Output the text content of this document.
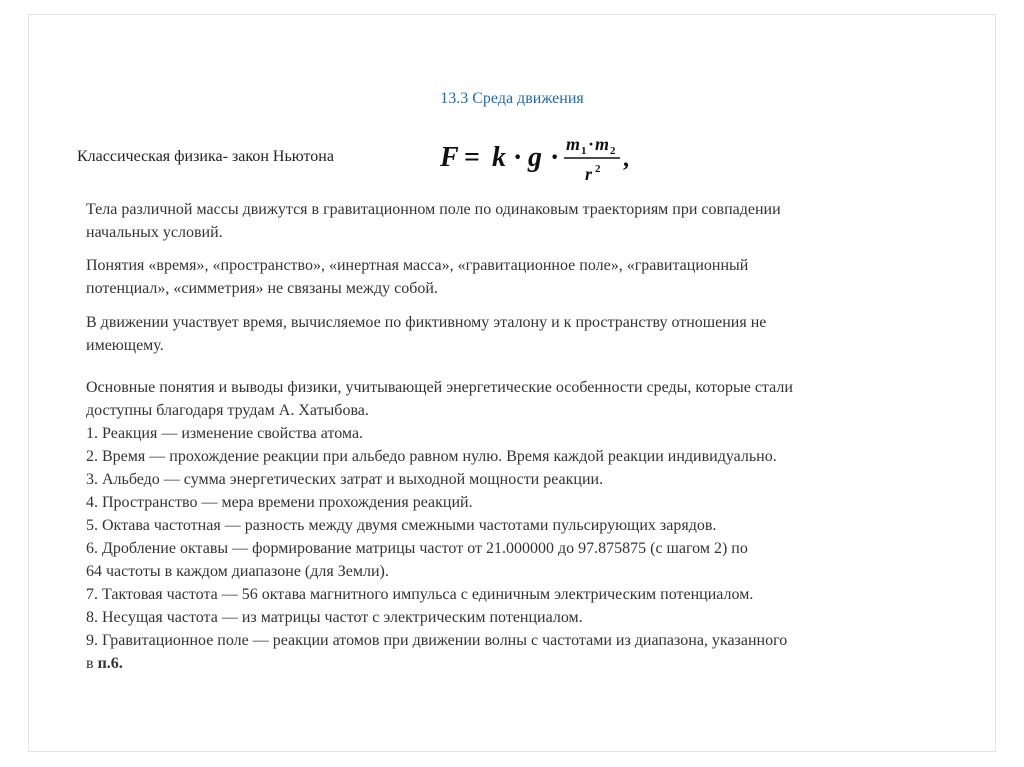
13.3 Среда движения
Классическая физика- закон Ньютона	F = k · g · m 1 · m 2
r 2 ,
Тела различной массы движутся в гравитационном поле по одинаковым траекториям при совпадении
начальных условий.
Понятия «время», «пространство», «инертная масса», «гравитационное поле», «гравитационный
потенциал», «симметрия» не связаны между собой.
В движении участвует время, вычисляемое по фиктивному эталону и к пространству отношения не
имеющему.
Основные понятия и выводы физики, учитывающей энергетические особенности среды, которые стали
доступны благодаря трудам А. Хатыбова.
1. Реакция — изменение свойства атома.
2. Время — прохождение реакции при альбедо равном нулю. Время каждой реакции индивидуально.
3. Альбедо — сумма энергетических затрат и выходной мощности реакции.
4. Пространство — мера времени прохождения реакций.
5. Октава частотная — разность между двумя смежными частотами пульсирующих зарядов.
6. Дробление октавы — формирование матрицы частот от 21.000000 до 97.875875 (с шагом 2) по
64 частоты в каждом диапазоне (для Земли).
7. Тактовая частота — 56 октава магнитного импульса с единичным электрическим потенциалом.
8. Несущая частота — из матрицы частот с электрическим потенциалом.
9. Гравитационное поле — реакции атомов при движении волны с частотами из диапазона, указанного
в п.6.
